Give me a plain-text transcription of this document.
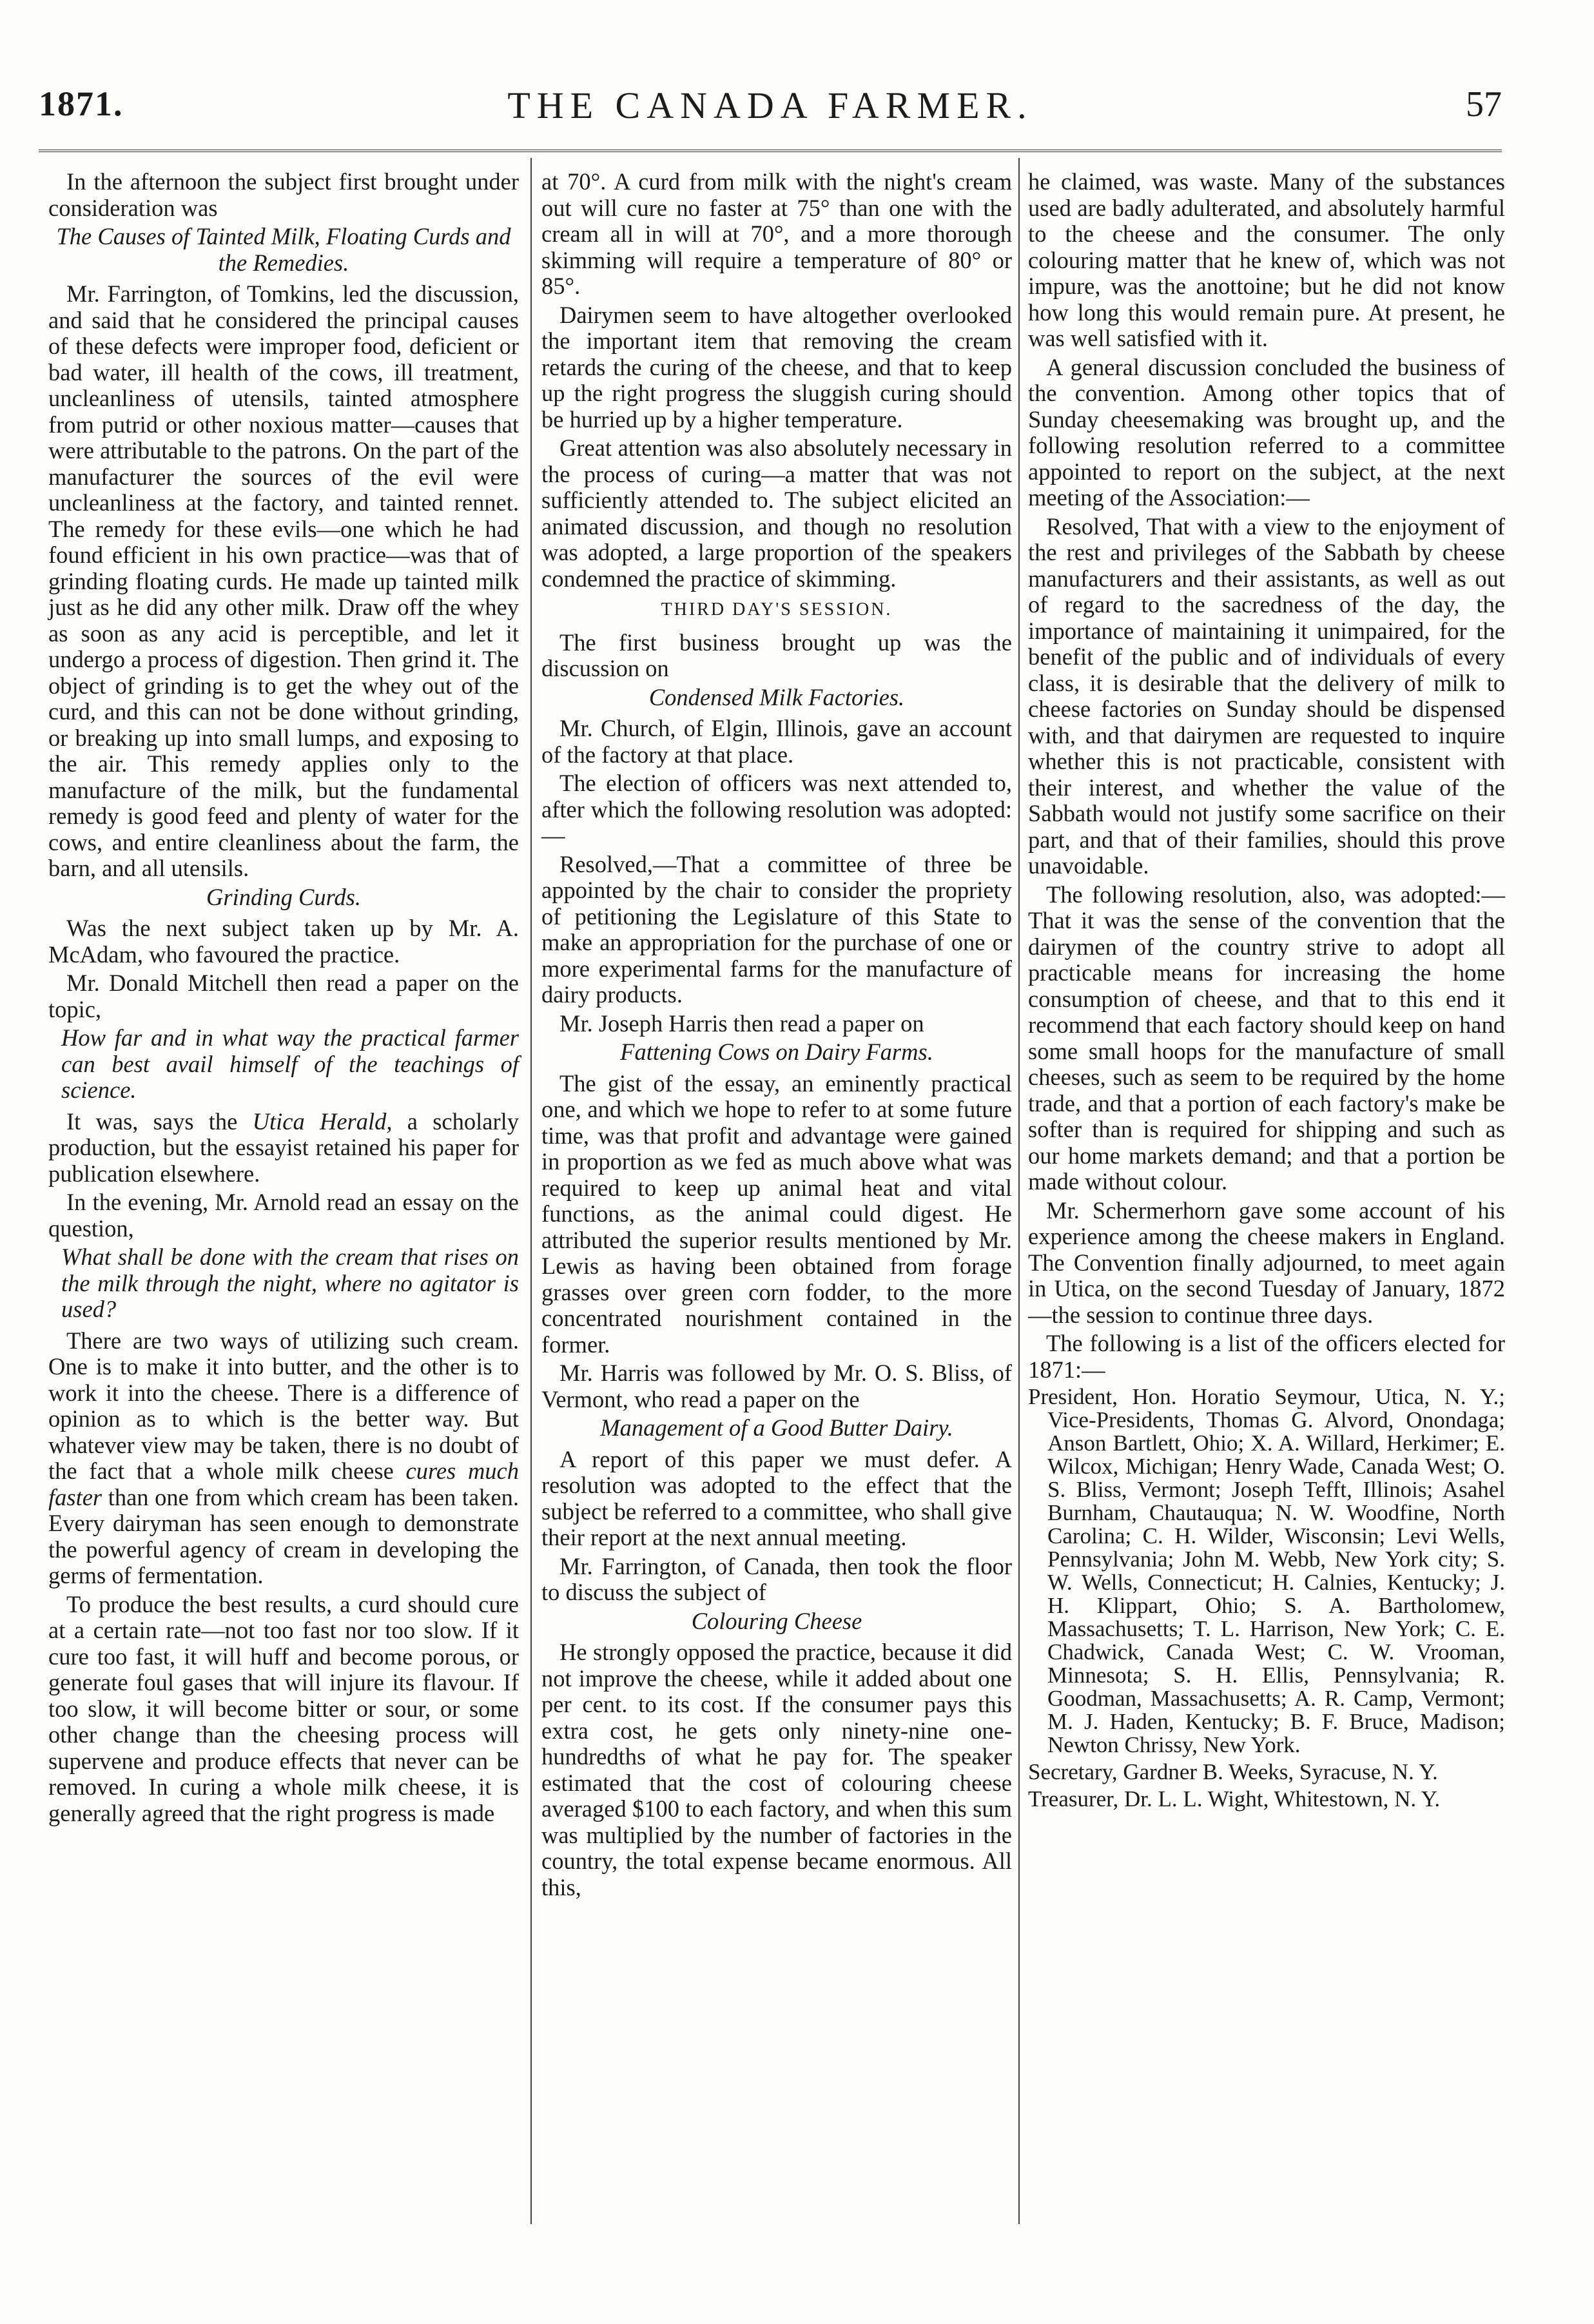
1871.	THE CANADA FARMER.	57

In the afternoon the subject first brought under consideration was

The Causes of Tainted Milk, Floating Curds and the Remedies.

Mr. Farrington, of Tomkins, led the discussion, and said that he considered the principal causes of these defects were improper food, deficient or bad water, ill health of the cows, ill treatment, uncleanliness of utensils, tainted atmosphere from putrid or other noxious matter—causes that were attributable to the patrons. On the part of the manufacturer the sources of the evil were uncleanliness at the factory, and tainted rennet. The remedy for these evils—one which he had found efficient in his own practice—was that of grinding floating curds. He made up tainted milk just as he did any other milk. Draw off the whey as soon as any acid is perceptible, and let it undergo a process of digestion. Then grind it. The object of grinding is to get the whey out of the curd, and this can not be done without grinding, or breaking up into small lumps, and exposing to the air. This remedy applies only to the manufacture of the milk, but the fundamental remedy is good feed and plenty of water for the cows, and entire cleanliness about the farm, the barn, and all utensils.

Grinding Curds.

Was the next subject taken up by Mr. A. McAdam, who favoured the practice.

Mr. Donald Mitchell then read a paper on the topic,

How far and in what way the practical farmer can best avail himself of the teachings of science.

It was, says the Utica Herald, a scholarly production, but the essayist retained his paper for publication elsewhere.

In the evening, Mr. Arnold read an essay on the question,

What shall be done with the cream that rises on the milk through the night, where no agitator is used?

There are two ways of utilizing such cream. One is to make it into butter, and the other is to work it into the cheese. There is a difference of opinion as to which is the better way. But whatever view may be taken, there is no doubt of the fact that a whole milk cheese cures much faster than one from which cream has been taken. Every dairyman has seen enough to demonstrate the powerful agency of cream in developing the germs of fermentation.

To produce the best results, a curd should cure at a certain rate—not too fast nor too slow. If it cure too fast, it will huff and become porous, or generate foul gases that will injure its flavour. If too slow, it will become bitter or sour, or some other change than the cheesing process will supervene and produce effects that never can be removed. In curing a whole milk cheese, it is generally agreed that the right progress is made

at 70°. A curd from milk with the night's cream out will cure no faster at 75° than one with the cream all in will at 70°, and a more thorough skimming will require a temperature of 80° or 85°.

Dairymen seem to have altogether overlooked the important item that removing the cream retards the curing of the cheese, and that to keep up the right progress the sluggish curing should be hurried up by a higher temperature.

Great attention was also absolutely necessary in the process of curing—a matter that was not sufficiently attended to. The subject elicited an animated discussion, and though no resolution was adopted, a large proportion of the speakers condemned the practice of skimming.

THIRD DAY'S SESSION.

The first business brought up was the discussion on

Condensed Milk Factories.

Mr. Church, of Elgin, Illinois, gave an account of the factory at that place.

The election of officers was next attended to, after which the following resolution was adopted:—

Resolved,—That a committee of three be appointed by the chair to consider the propriety of petitioning the Legislature of this State to make an appropriation for the purchase of one or more experimental farms for the manufacture of dairy products.

Mr. Joseph Harris then read a paper on

Fattening Cows on Dairy Farms.

The gist of the essay, an eminently practical one, and which we hope to refer to at some future time, was that profit and advantage were gained in proportion as we fed as much above what was required to keep up animal heat and vital functions, as the animal could digest. He attributed the superior results mentioned by Mr. Lewis as having been obtained from forage grasses over green corn fodder, to the more concentrated nourishment contained in the former.

Mr. Harris was followed by Mr. O. S. Bliss, of Vermont, who read a paper on the

Management of a Good Butter Dairy.

A report of this paper we must defer. A resolution was adopted to the effect that the subject be referred to a committee, who shall give their report at the next annual meeting.

Mr. Farrington, of Canada, then took the floor to discuss the subject of

Colouring Cheese

He strongly opposed the practice, because it did not improve the cheese, while it added about one per cent. to its cost. If the consumer pays this extra cost, he gets only ninety-nine one-hundredths of what he pay for. The speaker estimated that the cost of colouring cheese averaged $100 to each factory, and when this sum was multiplied by the number of factories in the country, the total expense became enormous. All this,

he claimed, was waste. Many of the substances used are badly adulterated, and absolutely harmful to the cheese and the consumer. The only colouring matter that he knew of, which was not impure, was the anottoine; but he did not know how long this would remain pure. At present, he was well satisfied with it.

A general discussion concluded the business of the convention. Among other topics that of Sunday cheesemaking was brought up, and the following resolution referred to a committee appointed to report on the subject, at the next meeting of the Association:—

Resolved, That with a view to the enjoyment of the rest and privileges of the Sabbath by cheese manufacturers and their assistants, as well as out of regard to the sacredness of the day, the importance of maintaining it unimpaired, for the benefit of the public and of individuals of every class, it is desirable that the delivery of milk to cheese factories on Sunday should be dispensed with, and that dairymen are requested to inquire whether this is not practicable, consistent with their interest, and whether the value of the Sabbath would not justify some sacrifice on their part, and that of their families, should this prove unavoidable.

The following resolution, also, was adopted:—That it was the sense of the convention that the dairymen of the country strive to adopt all practicable means for increasing the home consumption of cheese, and that to this end it recommend that each factory should keep on hand some small hoops for the manufacture of small cheeses, such as seem to be required by the home trade, and that a portion of each factory's make be softer than is required for shipping and such as our home markets demand; and that a portion be made without colour.

Mr. Schermerhorn gave some account of his experience among the cheese makers in England. The Convention finally adjourned, to meet again in Utica, on the second Tuesday of January, 1872—the session to continue three days.

The following is a list of the officers elected for 1871:—

President, Hon. Horatio Seymour, Utica, N. Y.; Vice-Presidents, Thomas G. Alvord, Onondaga; Anson Bartlett, Ohio; X. A. Willard, Herkimer; E. Wilcox, Michigan; Henry Wade, Canada West; O. S. Bliss, Vermont; Joseph Tefft, Illinois; Asahel Burnham, Chautauqua; N. W. Woodfine, North Carolina; C. H. Wilder, Wisconsin; Levi Wells, Pennsylvania; John M. Webb, New York city; S. W. Wells, Connecticut; H. Calnies, Kentucky; J. H. Klippart, Ohio; S. A. Bartholomew, Massachusetts; T. L. Harrison, New York; C. E. Chadwick, Canada West; C. W. Vrooman, Minnesota; S. H. Ellis, Pennsylvania; R. Goodman, Massachusetts; A. R. Camp, Vermont; M. J. Haden, Kentucky; B. F. Bruce, Madison; Newton Chrissy, New York.

Secretary, Gardner B. Weeks, Syracuse, N. Y.

Treasurer, Dr. L. L. Wight, Whitestown, N. Y.
